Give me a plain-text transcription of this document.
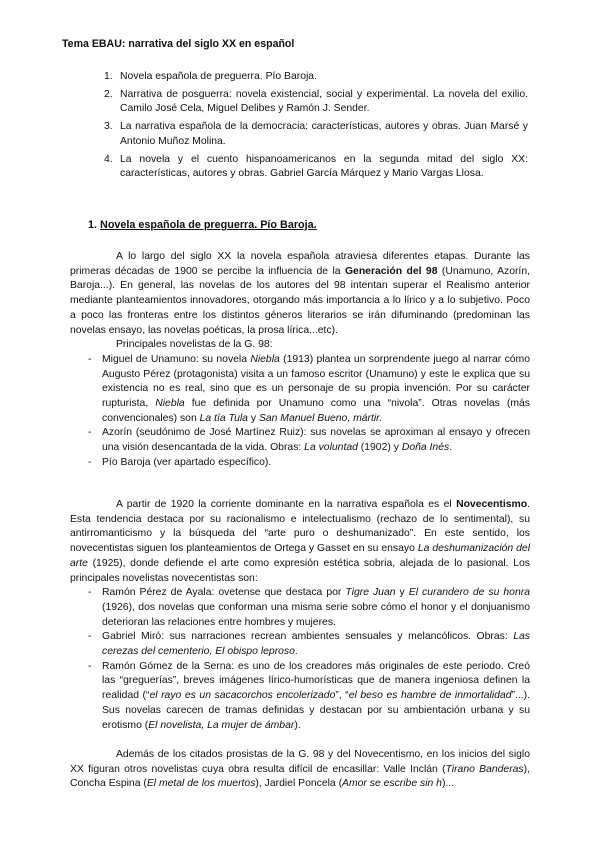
Tema EBAU: narrativa del siglo XX en español
1. Novela española de preguerra. Pío Baroja.
2. Narrativa de posguerra: novela existencial, social y experimental. La novela del exilio. Camilo José Cela, Miguel Delibes y Ramón J. Sender.
3. La narrativa española de la democracia: características, autores y obras. Juan Marsé y Antonio Muñoz Molina.
4. La novela y el cuento hispanoamericanos en la segunda mitad del siglo XX: características, autores y obras. Gabriel García Márquez y Mario Vargas Llosa.
1. Novela española de preguerra. Pío Baroja.
A lo largo del siglo XX la novela española atraviesa diferentes etapas. Durante las primeras décadas de 1900 se percibe la influencia de la Generación del 98 (Unamuno, Azorín, Baroja...). En general, las novelas de los autores del 98 intentan superar el Realismo anterior mediante planteamientos innovadores, otorgando más importancia a lo lírico y a lo subjetivo. Poco a poco las fronteras entre los distintos géneros literarios se irán difuminando (predominan las novelas ensayo, las novelas poéticas, la prosa lírica...etc).
Principales novelistas de la G. 98:
- Miguel de Unamuno: su novela Niebla (1913) plantea un sorprendente juego al narrar cómo Augusto Pérez (protagonista) visita a un famoso escritor (Unamuno) y este le explica que su existencia no es real, sino que es un personaje de su propia invención. Por su carácter rupturista, Niebla fue definida por Unamuno como una “nivola”. Otras novelas (más convencionales) son La tía Tula y San Manuel Bueno, mártir.
- Azorín (seudónimo de José Martínez Ruiz): sus novelas se aproximan al ensayo y ofrecen una visión desencantada de la vida. Obras: La voluntad (1902) y Doña Inés.
- Pío Baroja (ver apartado específico).
A partir de 1920 la corriente dominante en la narrativa española es el Novecentismo. Esta tendencia destaca por su racionalismo e intelectualismo (rechazo de lo sentimental), su antirromanticismo y la búsqueda del “arte puro o deshumanizado”. En este sentido, los novecentistas siguen los planteamientos de Ortega y Gasset en su ensayo La deshumanización del arte (1925), donde defiende el arte como expresión estética sobria, alejada de lo pasional. Los principales novelistas novecentistas son:
- Ramón Pérez de Ayala: ovetense que destaca por Tigre Juan y El curandero de su honra (1926), dos novelas que conforman una misma serie sobre cómo el honor y el donjuanismo deterioran las relaciones entre hombres y mujeres.
- Gabriel Miró: sus narraciones recrean ambientes sensuales y melancólicos. Obras: Las cerezas del cementerio, El obispo leproso.
- Ramón Gómez de la Serna: es uno de los creadores más originales de este periodo. Creó las “greguerías”, breves imágenes lírico-humorísticas que de manera ingeniosa definen la realidad (“el rayo es un sacacorchos encolerizado”, “el beso es hambre de inmortalidad”...). Sus novelas carecen de tramas definidas y destacan por su ambientación urbana y su erotismo (El novelista, La mujer de ámbar).
Además de los citados prosistas de la G. 98 y del Novecentismo, en los inicios del siglo XX figuran otros novelistas cuya obra resulta difícil de encasillar: Valle Inclán (Tirano Banderas), Concha Espina (El metal de los muertos), Jardiel Poncela (Amor se escribe sin h)...
